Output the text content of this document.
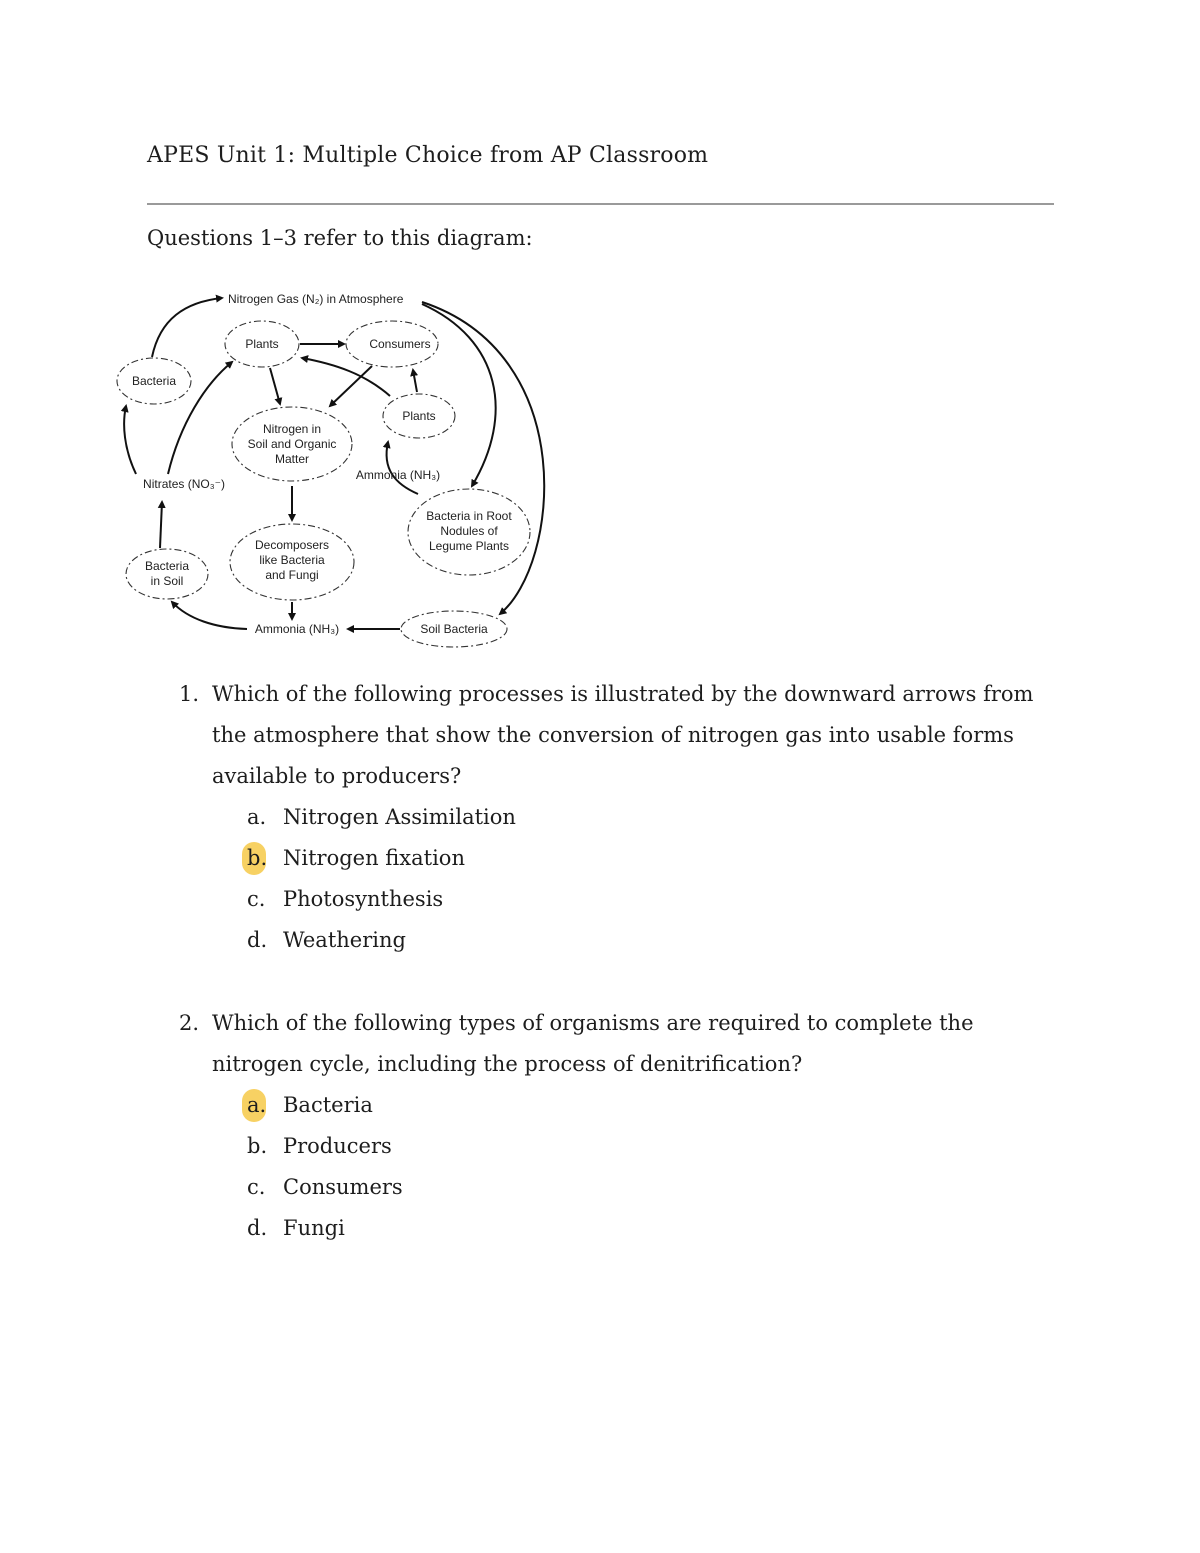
APES Unit 1: Multiple Choice from AP Classroom
Questions 1–3 refer to this diagram:
Nitrogen Gas (N₂) in Atmosphere
Plants	Consumers
Bacteria
Plants
Nitrogen in
Soil and Organic
Matter
Ammonia (NH₃)
Nitrates (NO₃⁻)
Bacteria in Root
Nodules of
Legume Plants
Decomposers
like Bacteria
and Fungi
Bacteria
in Soil
Ammonia (NH₃)	Soil Bacteria
1. Which of the following processes is illustrated by the downward arrows from the atmosphere that show the conversion of nitrogen gas into usable forms available to producers?
a. Nitrogen Assimilation
b. Nitrogen fixation
c. Photosynthesis
d. Weathering
2. Which of the following types of organisms are required to complete the nitrogen cycle, including the process of denitrification?
a. Bacteria
b. Producers
c. Consumers
d. Fungi
